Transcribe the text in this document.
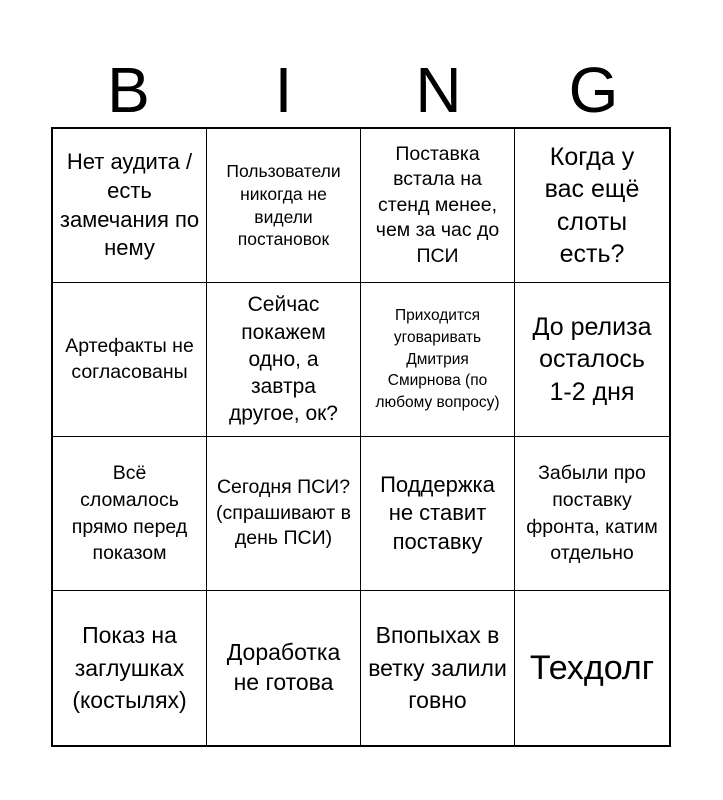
B	I	N	G
Нет аудита / есть замечания по нему
Пользователи никогда не видели постановок
Поставка встала на стенд менее, чем за час до ПСИ
Когда у вас ещё слоты есть?
Артефакты не согласованы
Сейчас покажем одно, а завтра другое, ок?
Приходится уговаривать Дмитрия Смирнова (по любому вопросу)
До релиза осталось 1-2 дня
Всё сломалось прямо перед показом
Сегодня ПСИ? (спрашивают в день ПСИ)
Поддержка не ставит поставку
Забыли про поставку фронта, катим отдельно
Показ на заглушках (костылях)
Доработка не готова
Впопыхах в ветку залили говно
Техдолг
